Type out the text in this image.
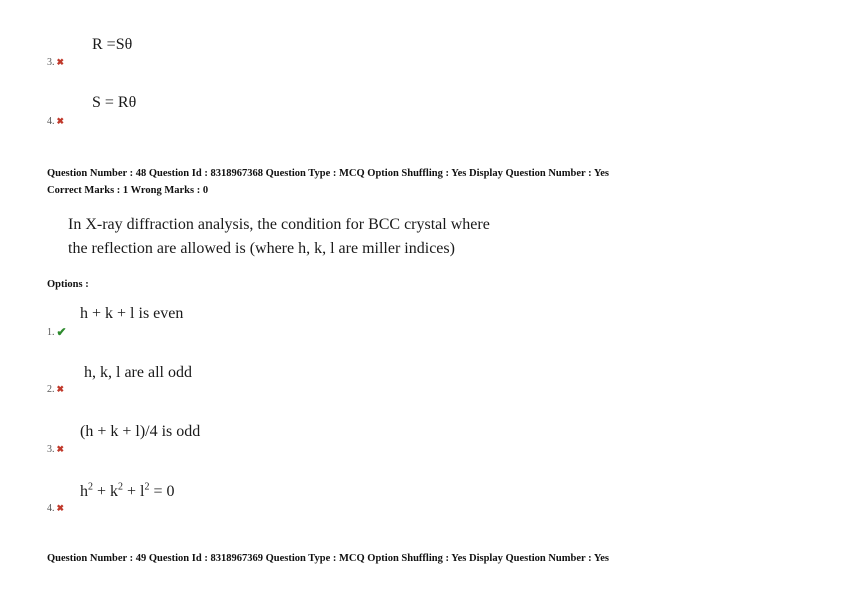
R =Sθ
3. ✖
S = Rθ
4. ✖
Question Number : 48 Question Id : 8318967368 Question Type : MCQ Option Shuffling : Yes Display Question Number : Yes
Correct Marks : 1 Wrong Marks : 0
In X-ray diffraction analysis, the condition for BCC crystal where
the reflection are allowed is (where h, k, l are miller indices)
Options :
h + k + l is even
1. ✔
h, k, l are all odd
2. ✖
(h + k + l)/4 is odd
3. ✖
$h^2 + k^2 + l^2 = 0$
4. ✖
Question Number : 49 Question Id : 8318967369 Question Type : MCQ Option Shuffling : Yes Display Question Number : Yes
